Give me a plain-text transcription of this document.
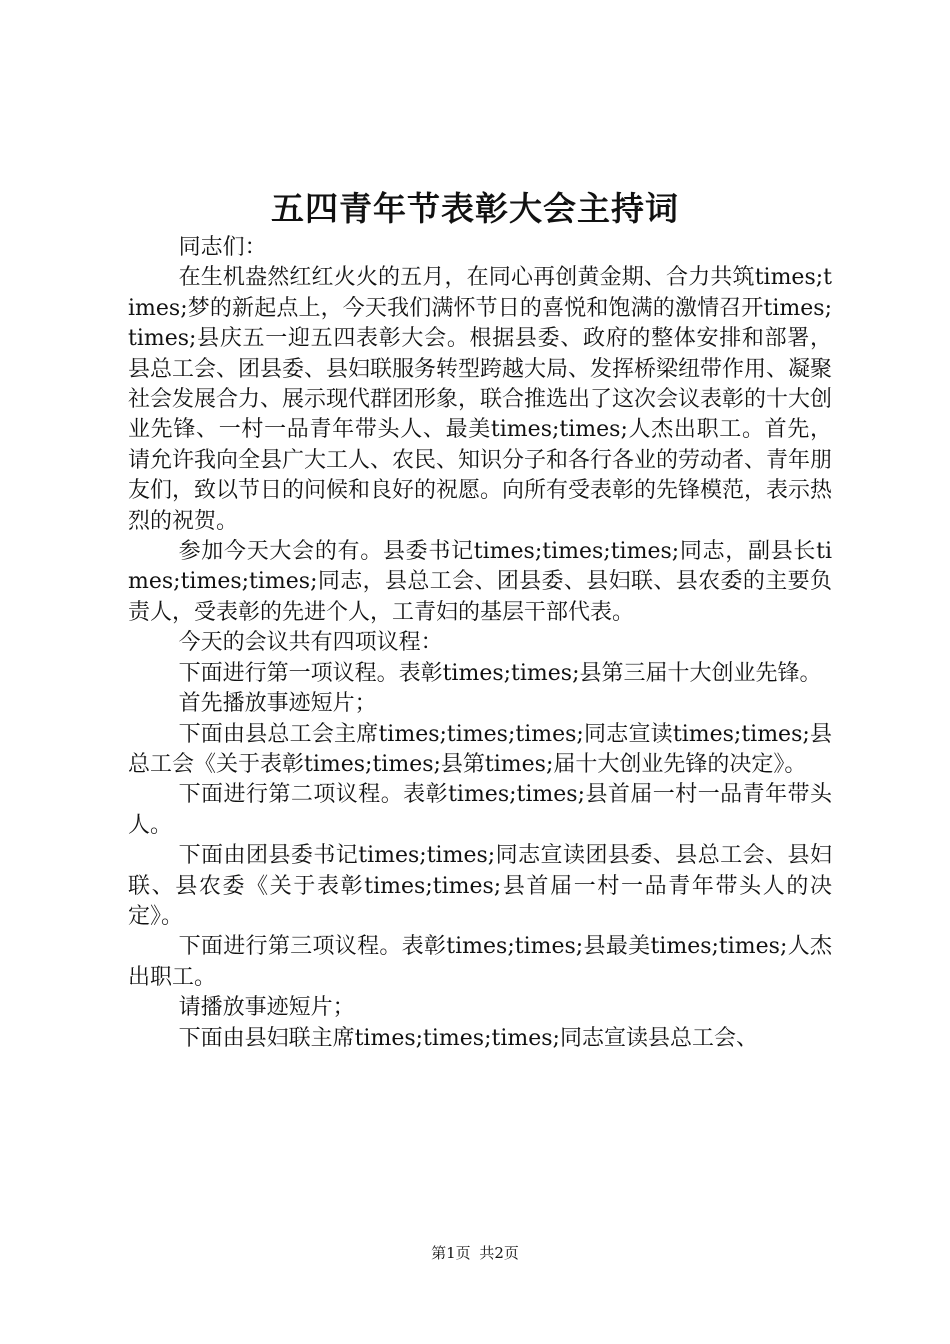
五四青年节表彰大会主持词

同志们：

在生机盎然红红火火的五月，在同心再创黄金期、合力共筑times;times;梦的新起点上，今天我们满怀节日的喜悦和饱满的激情召开times;times;县庆五一迎五四表彰大会。根据县委、政府的整体安排和部署，县总工会、团县委、县妇联服务转型跨越大局、发挥桥梁纽带作用、凝聚社会发展合力、展示现代群团形象，联合推选出了这次会议表彰的十大创业先锋、一村一品青年带头人、最美times;times;人杰出职工。首先，请允许我向全县广大工人、农民、知识分子和各行各业的劳动者、青年朋友们，致以节日的问候和良好的祝愿。向所有受表彰的先锋模范，表示热烈的祝贺。

参加今天大会的有。县委书记times;times;times;同志，副县长times;times;times;同志，县总工会、团县委、县妇联、县农委的主要负责人，受表彰的先进个人，工青妇的基层干部代表。

今天的会议共有四项议程：

下面进行第一项议程。表彰times;times;县第三届十大创业先锋。

首先播放事迹短片；

下面由县总工会主席times;times;times;同志宣读times;times;县总工会《关于表彰times;times;县第times;届十大创业先锋的决定》。

下面进行第二项议程。表彰times;times;县首届一村一品青年带头人。

下面由团县委书记times;times;同志宣读团县委、县总工会、县妇联、县农委《关于表彰times;times;县首届一村一品青年带头人的决定》。

下面进行第三项议程。表彰times;times;县最美times;times;人杰出职工。

请播放事迹短片；

下面由县妇联主席times;times;times;同志宣读县总工会、

第1页 共2页
